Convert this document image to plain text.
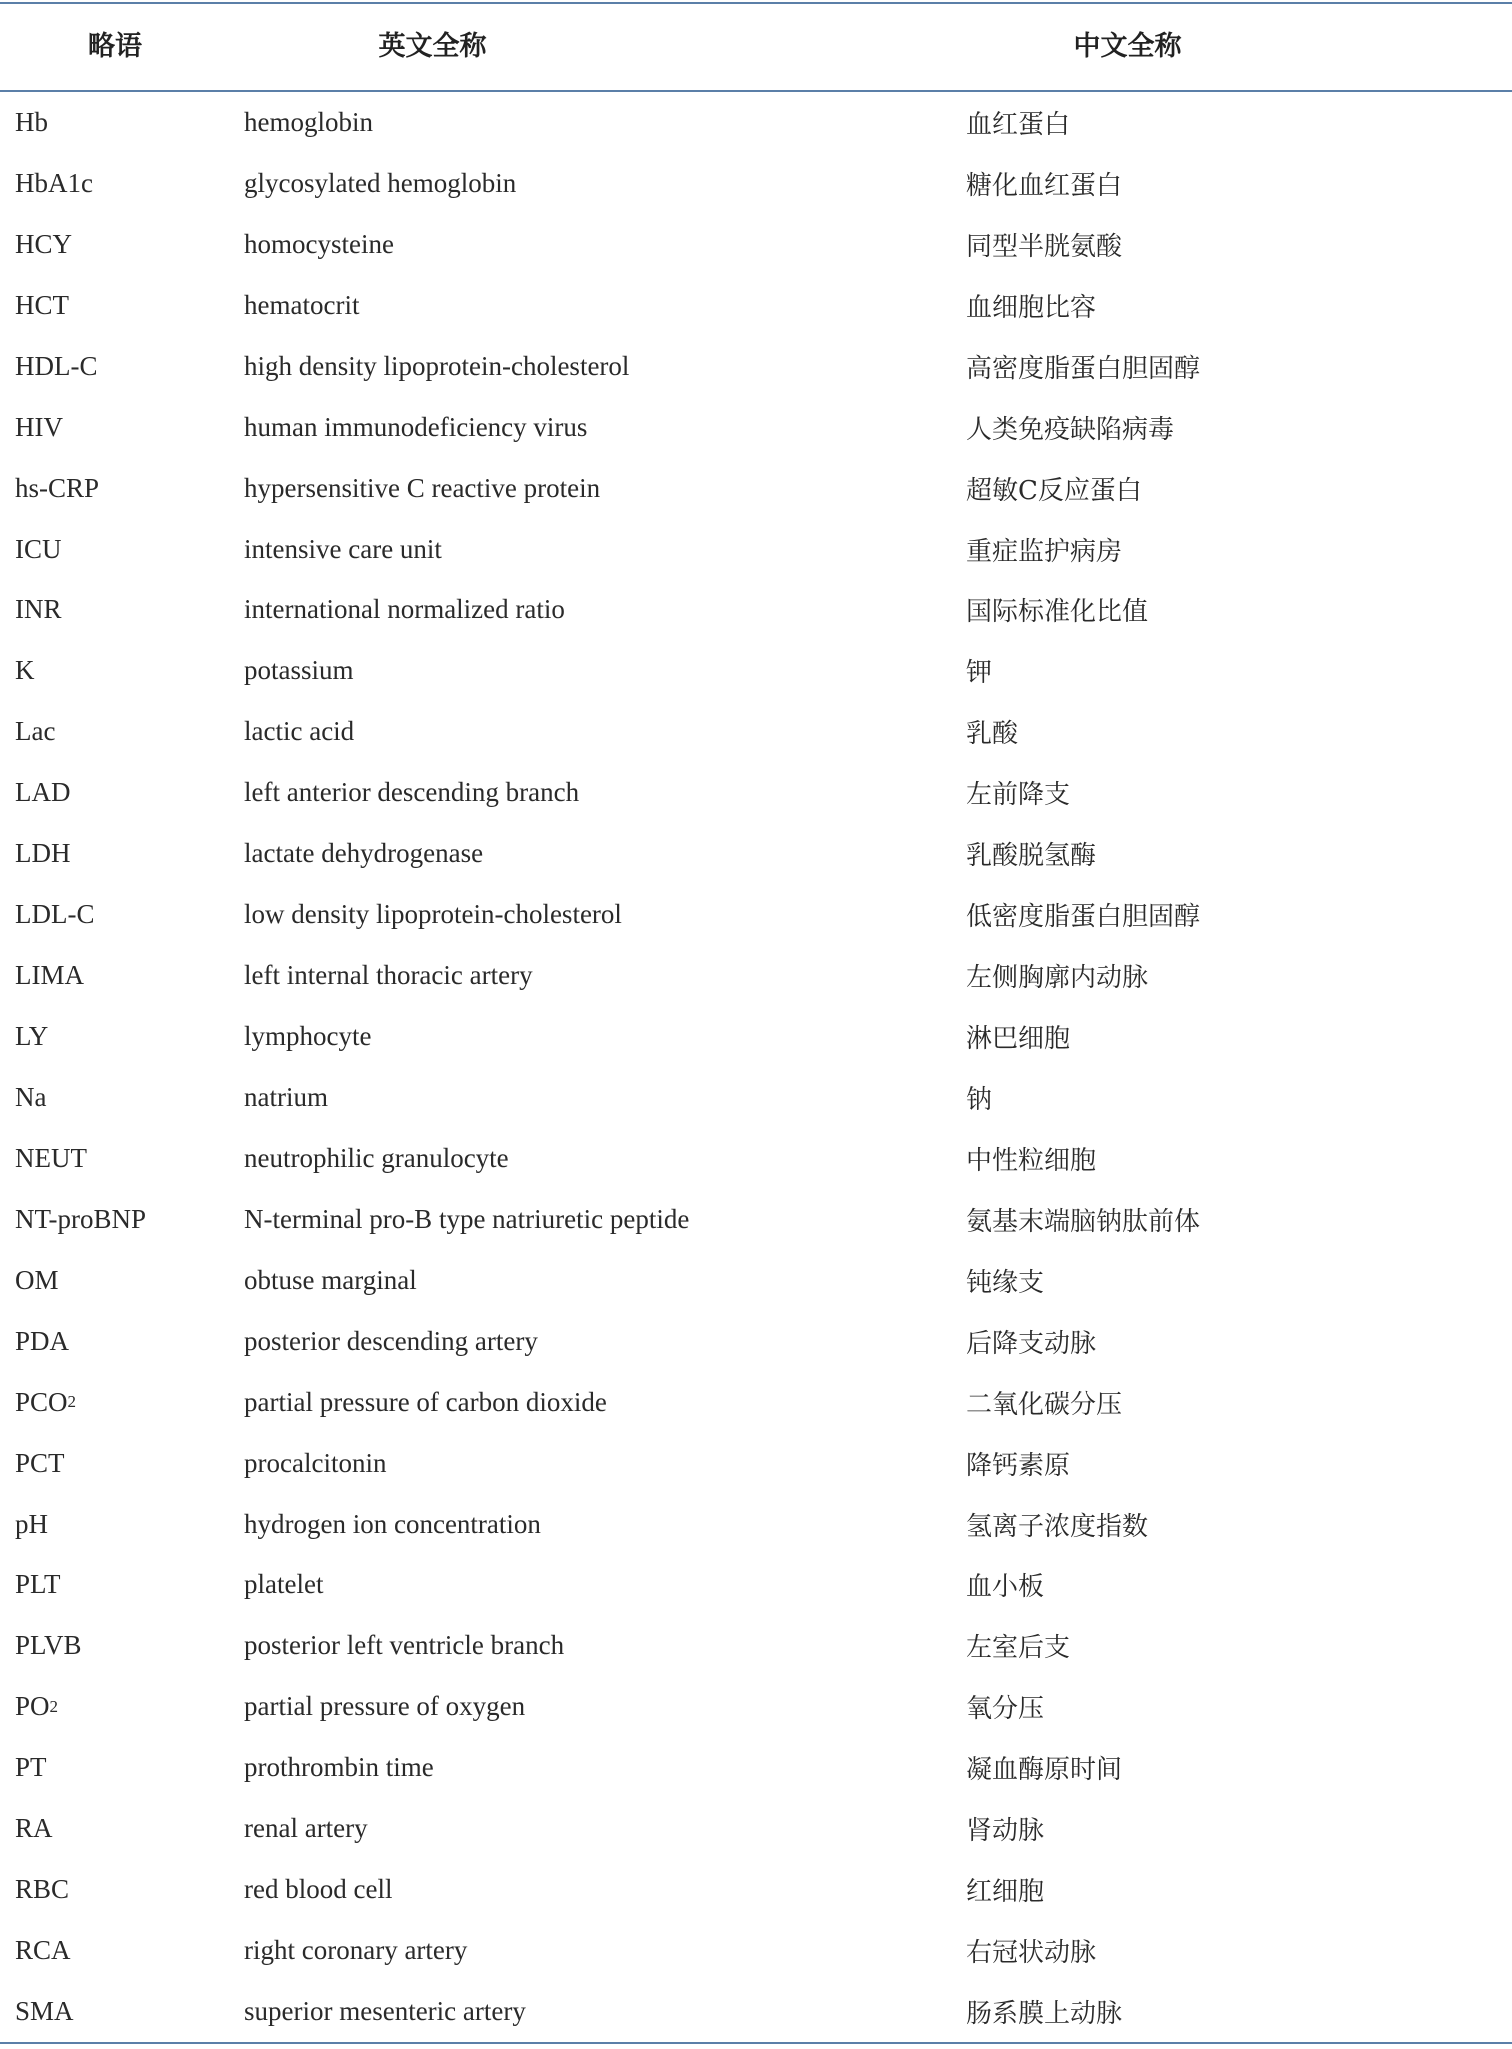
略语	英文全称	中文全称
Hb	hemoglobin	血红蛋白
HbA1c	glycosylated hemoglobin	糖化血红蛋白
HCY	homocysteine	同型半胱氨酸
HCT	hematocrit	血细胞比容
HDL-C	high density lipoprotein-cholesterol	高密度脂蛋白胆固醇
HIV	human immunodeficiency virus	人类免疫缺陷病毒
hs-CRP	hypersensitive C reactive protein	超敏C反应蛋白
ICU	intensive care unit	重症监护病房
INR	international normalized ratio	国际标准化比值
K	potassium	钾
Lac	lactic acid	乳酸
LAD	left anterior descending branch	左前降支
LDH	lactate dehydrogenase	乳酸脱氢酶
LDL-C	low density lipoprotein-cholesterol	低密度脂蛋白胆固醇
LIMA	left internal thoracic artery	左侧胸廓内动脉
LY	lymphocyte	淋巴细胞
Na	natrium	钠
NEUT	neutrophilic granulocyte	中性粒细胞
NT-proBNP	N-terminal pro-B type natriuretic peptide	氨基末端脑钠肽前体
OM	obtuse marginal	钝缘支
PDA	posterior descending artery	后降支动脉
PCO 2	partial pressure of carbon dioxide	二氧化碳分压
PCT	procalcitonin	降钙素原
pH	hydrogen ion concentration	氢离子浓度指数
PLT	platelet	血小板
PLVB	posterior left ventricle branch	左室后支
PO 2	partial pressure of oxygen	氧分压
PT	prothrombin time	凝血酶原时间
RA	renal artery	肾动脉
RBC	red blood cell	红细胞
RCA	right coronary artery	右冠状动脉
SMA	superior mesenteric artery	肠系膜上动脉
